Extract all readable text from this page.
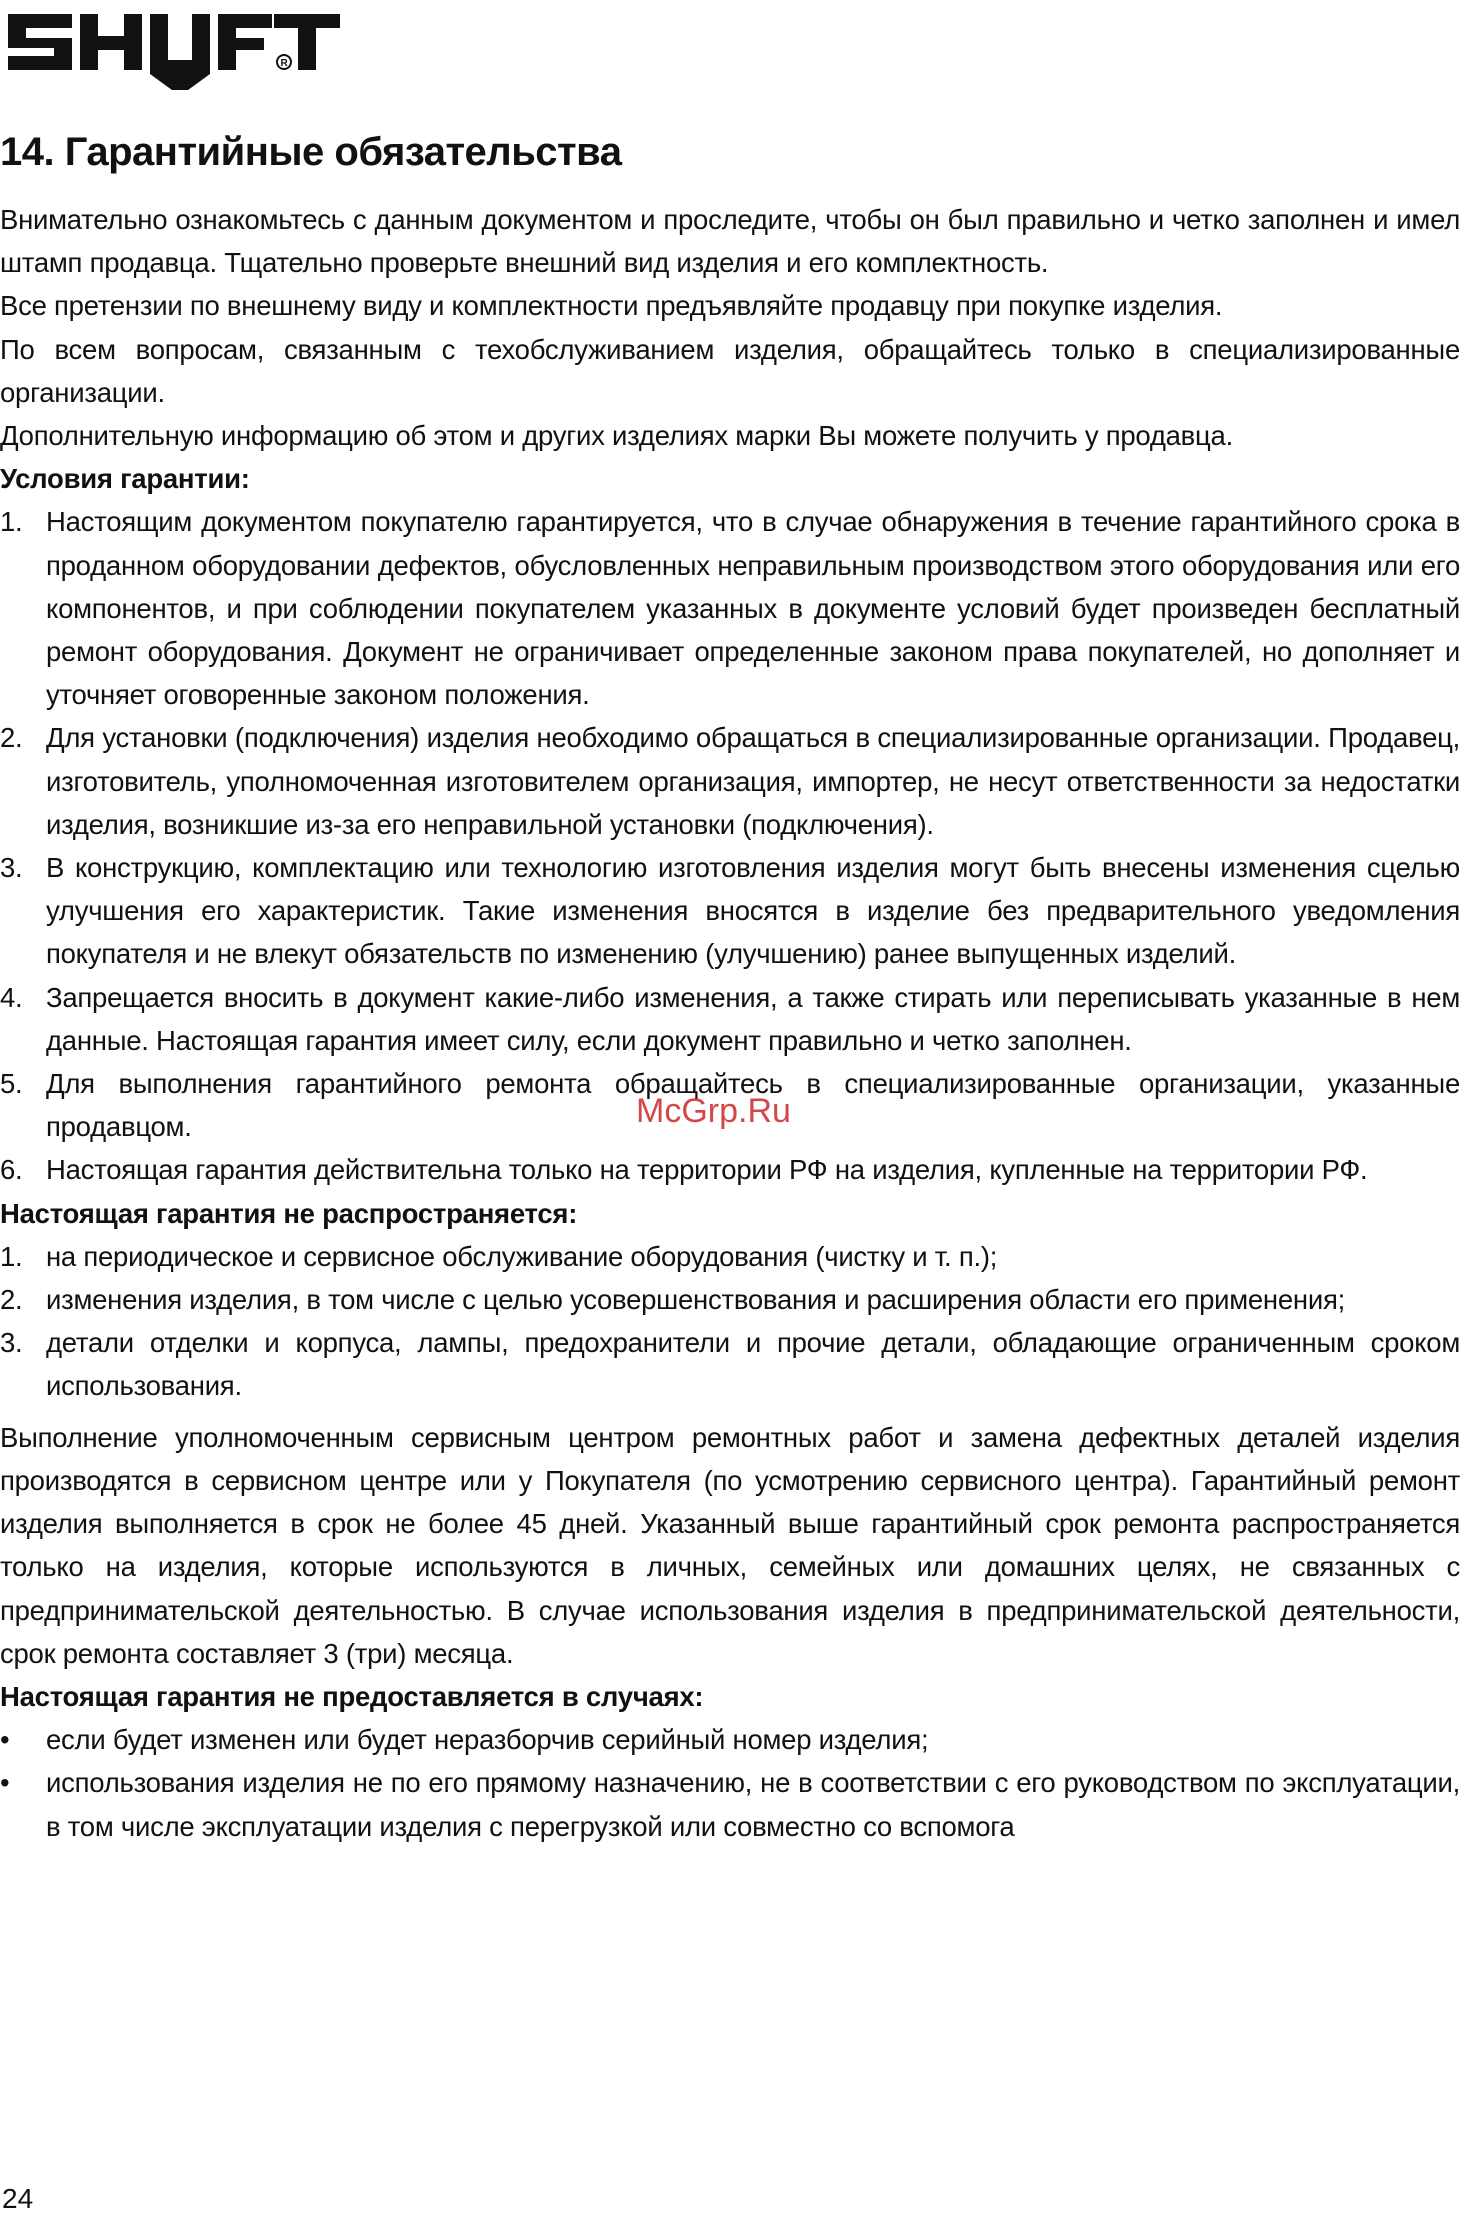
R
14. Гарантийные обязательства

Внимательно ознакомьтесь с данным документом и проследите, чтобы он был правильно и четко заполнен и имел штамп продавца. Тщательно проверьте внешний вид изделия и его комплектность.

Все претензии по внешнему виду и комплектности предъявляйте продавцу при покупке изделия.

По всем вопросам, связанным с техобслуживанием изделия, обращайтесь только в специализированные организации.

Дополнительную информацию об этом и других изделиях марки Вы можете получить у продавца.

Условия гарантии:

1. Настоящим документом покупателю гарантируется, что в случае обнаружения в течение гарантийного срока в проданном оборудовании дефектов, обусловленных неправильным производством этого оборудования или его компонентов, и при соблюдении покупателем указанных в документе условий будет произведен бесплатный ремонт оборудования. Документ не ограничивает определенные законом права покупателей, но дополняет и уточняет оговоренные законом положения.
2. Для установки (подключения) изделия необходимо обращаться в специализированные организации. Продавец, изготовитель, уполномоченная изготовителем организация, импортер, не несут ответственности за недостатки изделия, возникшие из-за его неправильной установки (подключения).
3. В конструкцию, комплектацию или технологию изготовления изделия могут быть внесены изменения сцелью улучшения его характеристик. Такие изменения вносятся в изделие без предварительного уведомления покупателя и не влекут обязательств по изменению (улучшению) ранее выпущенных изделий.
4. Запрещается вносить в документ какие-либо изменения, а также стирать или переписывать указанные в нем данные. Настоящая гарантия имеет силу, если документ правильно и четко заполнен.
5. Для выполнения гарантийного ремонта обращайтесь в специализированные организации, указанные продавцом.
6. Настоящая гарантия действительна только на территории РФ на изделия, купленные на территории РФ.

Настоящая гарантия не распространяется:

1. на периодическое и сервисное обслуживание оборудования (чистку и т. п.);
2. изменения изделия, в том числе с целью усовершенствования и расширения области его применения;
3. детали отделки и корпуса, лампы, предохранители и прочие детали, обладающие ограниченным сроком использования.

Выполнение уполномоченным сервисным центром ремонтных работ и замена дефектных деталей изделия производятся в сервисном центре или у Покупателя (по усмотрению сервисного центра). Гарантийный ремонт изделия выполняется в срок не более 45 дней. Указанный выше гарантийный срок ремонта распространяется только на изделия, которые используются в личных, семейных или домашних целях, не связанных с предпринимательской деятельностью. В случае использования изделия в предпринимательской деятельности, срок ремонта составляет 3 (три) месяца.

Настоящая гарантия не предоставляется в случаях:

• если будет изменен или будет неразборчив серийный номер изделия;
• использования изделия не по его прямому назначению, не в соответствии с его руководством по эксплуатации, в том числе эксплуатации изделия с перегрузкой или совместно со вспомога
McGrp.Ru
24
